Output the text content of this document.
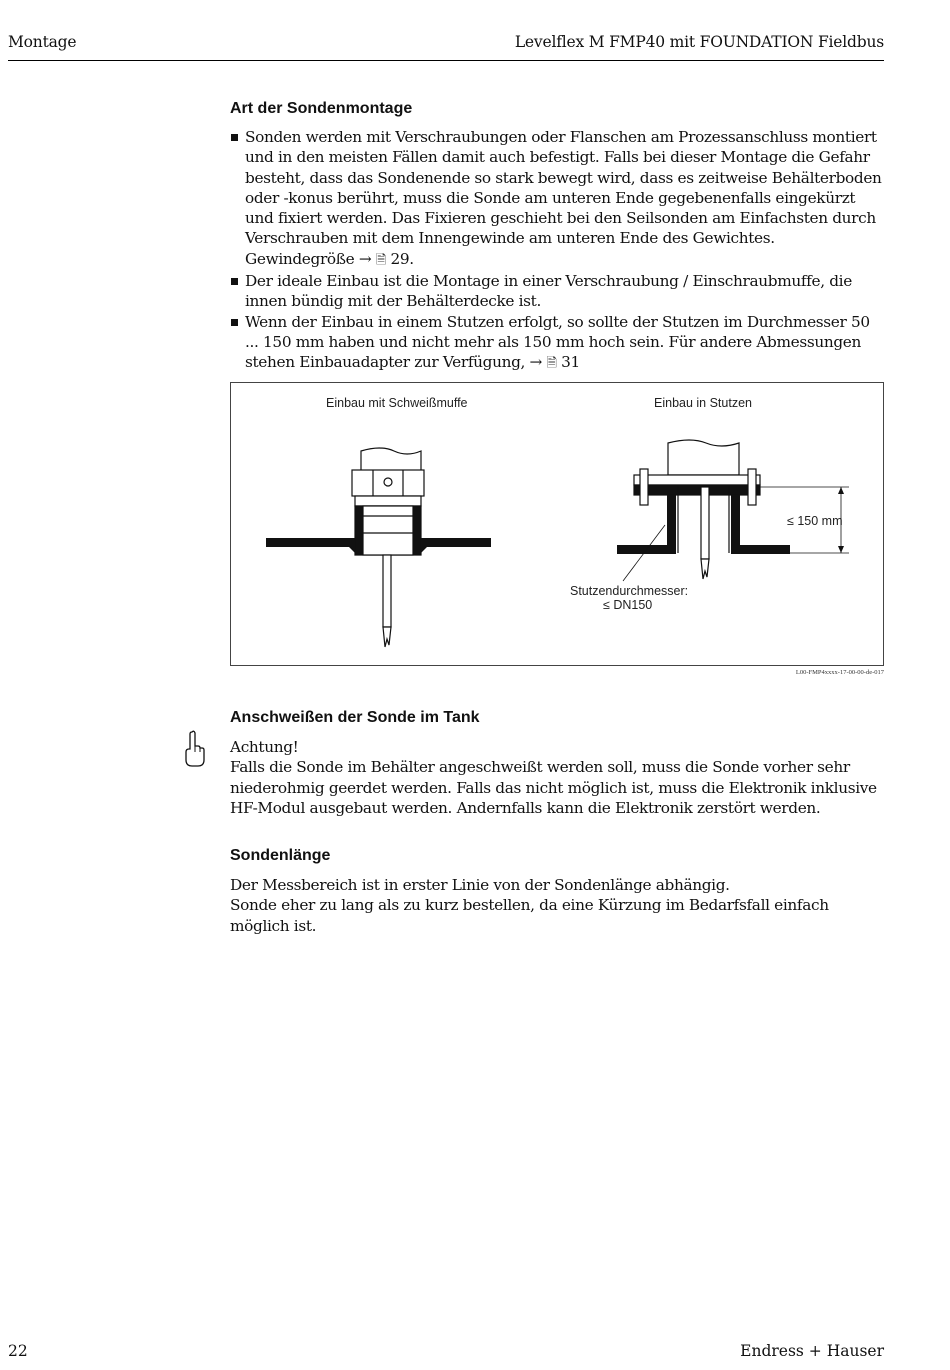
Montage	Levelflex M FMP40 mit FOUNDATION Fieldbus
Art der Sondenmontage
Sonden werden mit Verschraubungen oder Flanschen am Prozessanschluss montiert und in den meisten Fällen damit auch befestigt. Falls bei dieser Montage die Gefahr besteht, dass das Sondenende so stark bewegt wird, dass es zeitweise Behälterboden oder -konus berührt, muss die Sonde am unteren Ende gegebenenfalls eingekürzt und fixiert werden. Das Fixieren geschieht bei den Seilsonden am Einfachsten durch Verschrauben mit dem Innengewinde am unteren Ende des Gewichtes. Gewindegröße → 🗎 29.
Der ideale Einbau ist die Montage in einer Verschraubung / Einschraubmuffe, die innen bündig mit der Behälterdecke ist.
Wenn der Einbau in einem Stutzen erfolgt, so sollte der Stutzen im Durchmesser 50 ... 150 mm haben und nicht mehr als 150 mm hoch sein. Für andere Abmessungen stehen Einbauadapter zur Verfügung, → 🗎 31
Einbau mit Schweißmuffe	Einbau in Stutzen
≤ 150 mm
Stutzendurchmesser:
≤ DN150
L00-FMP4xxxx-17-00-00-de-017
Anschweißen der Sonde im Tank
Achtung!
Falls die Sonde im Behälter angeschweißt werden soll, muss die Sonde vorher sehr niederohmig geerdet werden. Falls das nicht möglich ist, muss die Elektronik inklusive HF-Modul ausgebaut werden. Andernfalls kann die Elektronik zerstört werden.
Sondenlänge
Der Messbereich ist in erster Linie von der Sondenlänge abhängig.
Sonde eher zu lang als zu kurz bestellen, da eine Kürzung im Bedarfsfall einfach möglich ist.
22	Endress + Hauser
